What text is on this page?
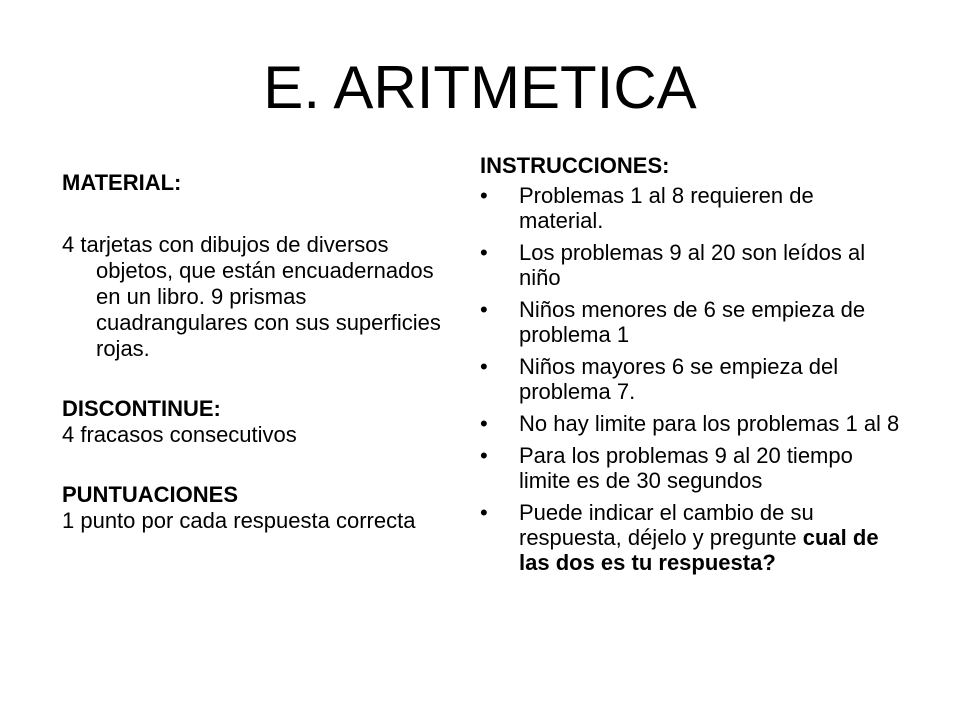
E. ARITMETICA

MATERIAL:

4 tarjetas con dibujos de diversos objetos, que están encuadernados en un libro. 9 prismas cuadrangulares con sus superficies rojas.

DISCONTINUE:

4 fracasos consecutivos

PUNTUACIONES

1 punto por cada respuesta correcta

INSTRUCCIONES:

• Problemas 1 al 8 requieren de material.
• Los problemas 9 al 20 son leídos al niño
• Niños menores de 6 se empieza de problema 1
• Niños mayores 6 se empieza del problema 7.
• No hay limite para los problemas 1 al 8
• Para los problemas 9 al 20 tiempo limite es de 30 segundos
• Puede indicar el cambio de su respuesta, déjelo y pregunte cual de las dos es tu respuesta?
